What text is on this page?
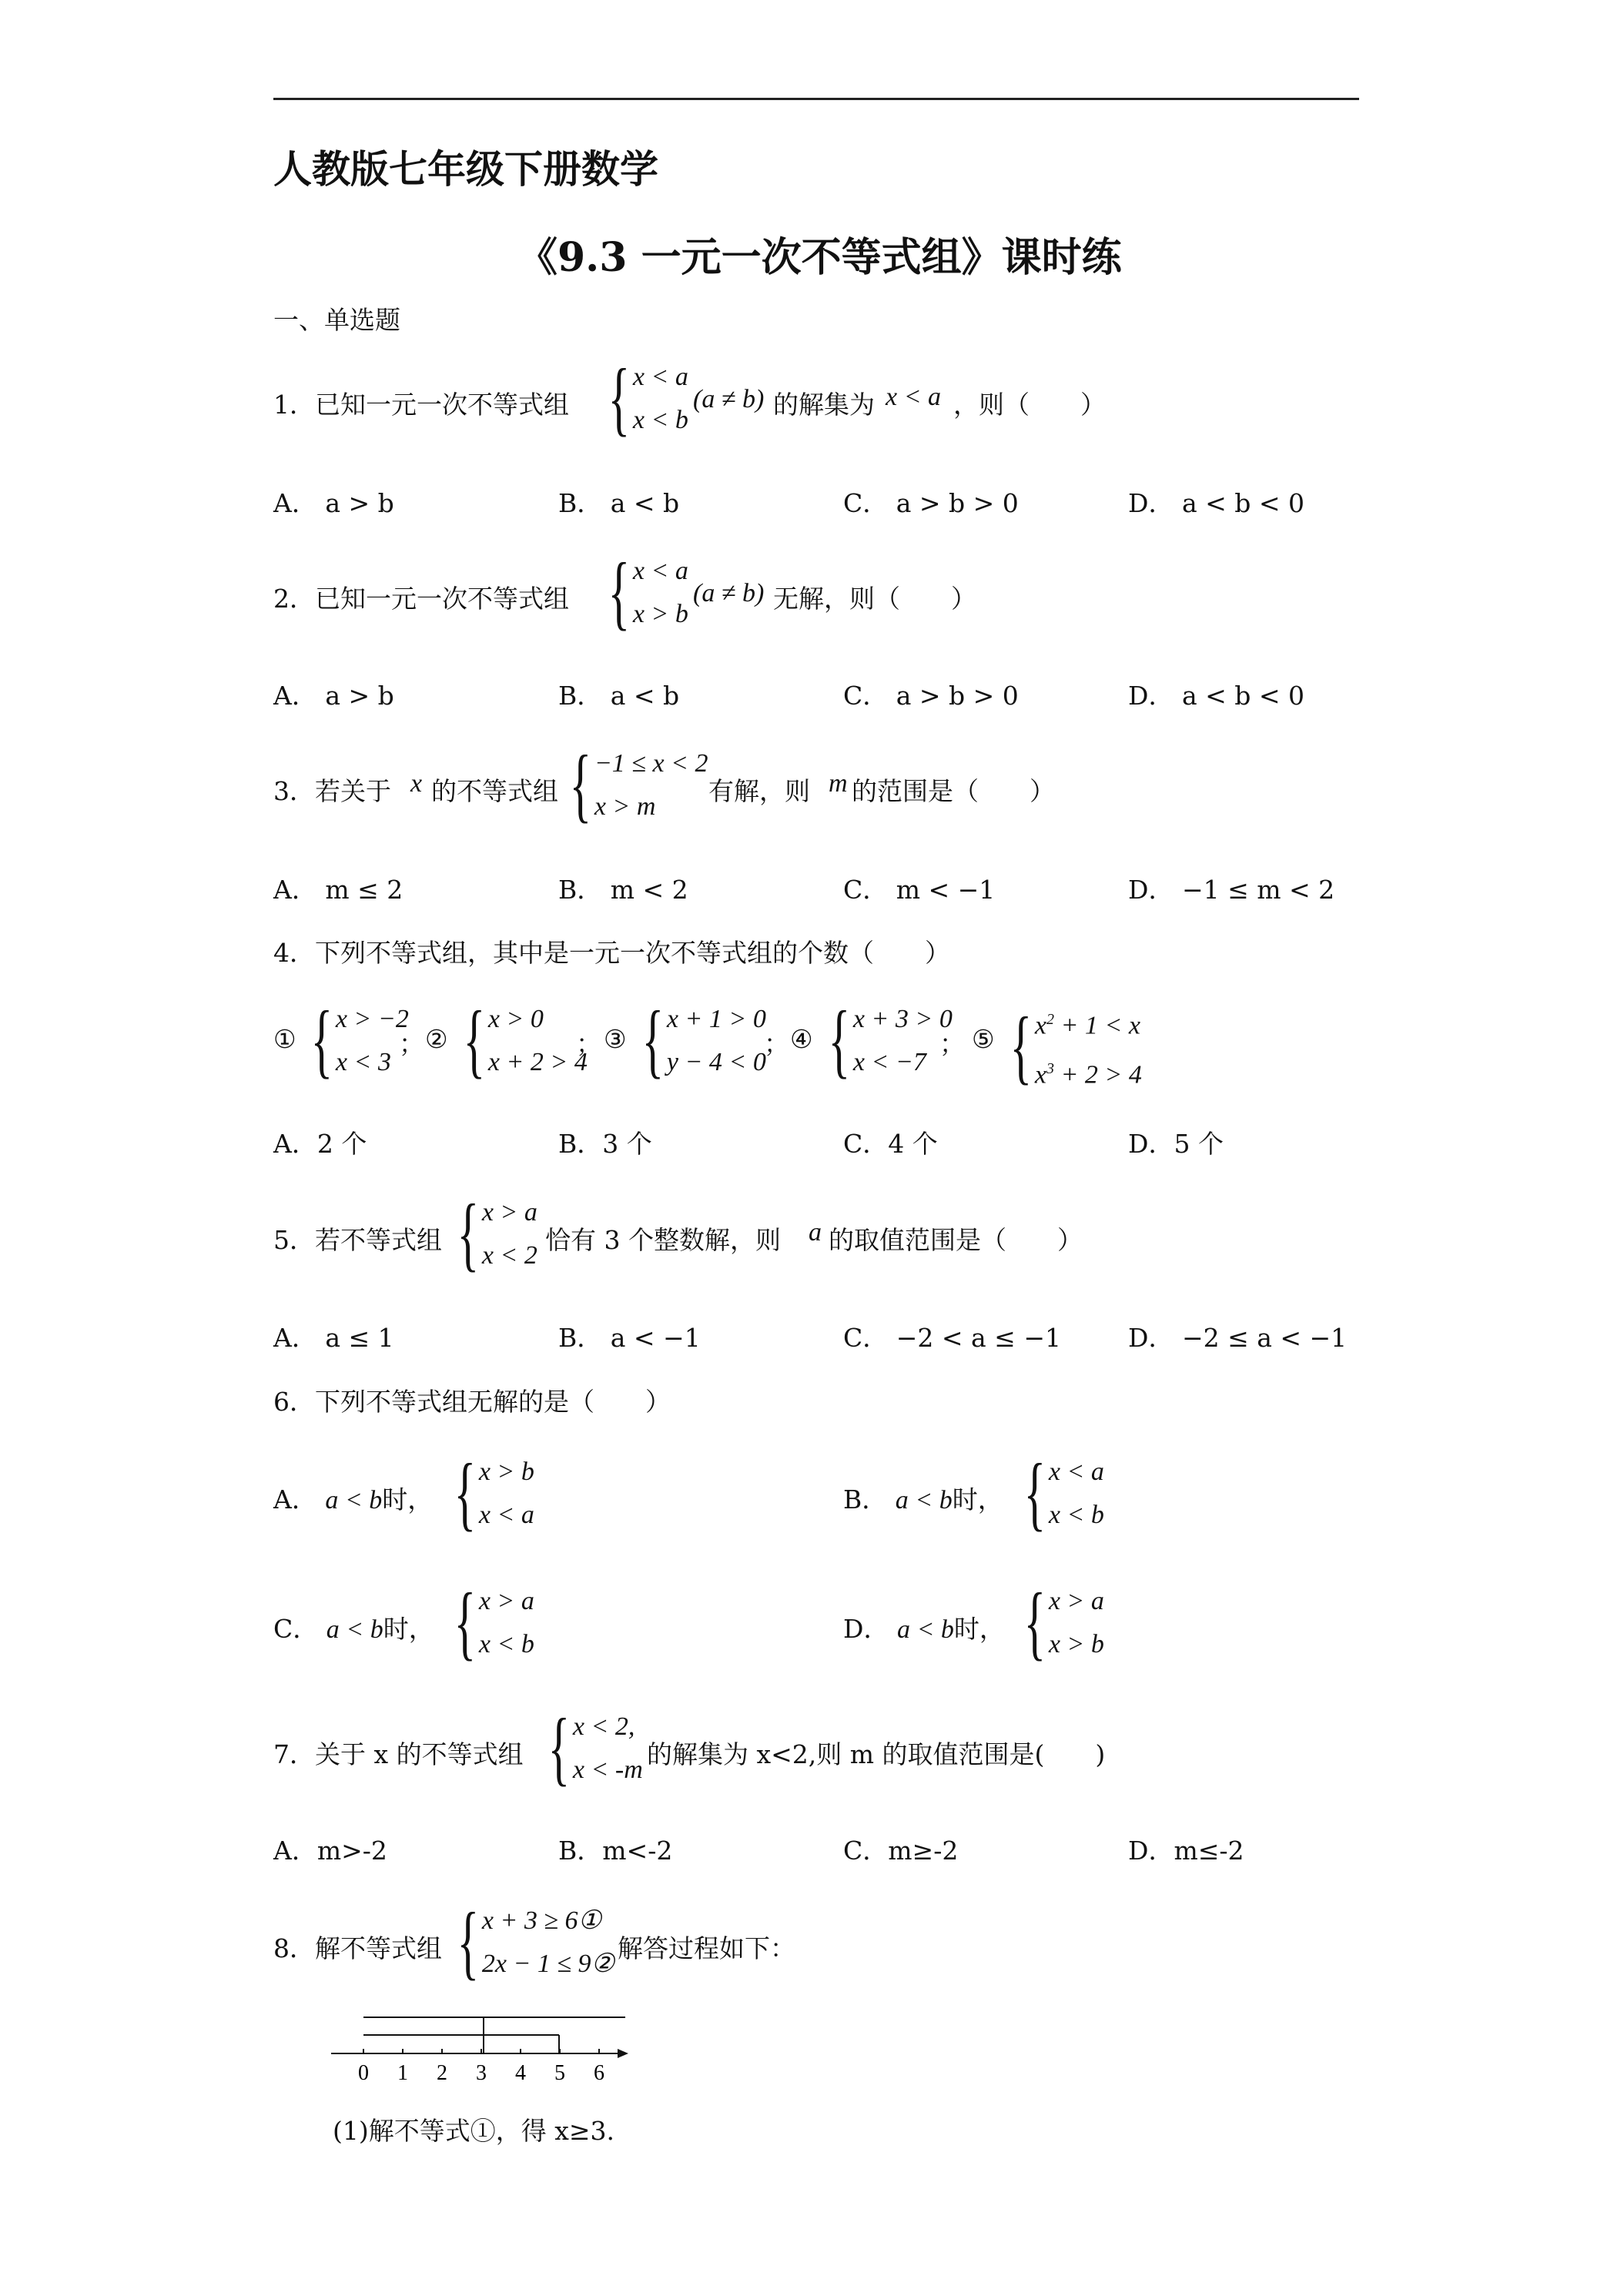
人教版七年级下册数学
《9.3 一元一次不等式组》课时练
一、单选题
1．已知一元一次不等式组 { x < a
x < b
(a ≠ b) 的解集为 x < a ，则（　　）
A． a > b	B． a < b	C． a > b > 0	D． a < b < 0
2．已知一元一次不等式组 { x < a
x > b
(a ≠ b) 无解，则（　　）
A． a > b	B． a < b	C． a > b > 0	D． a < b < 0
3．若关于 x 的不等式组 { −1 ≤ x < 2
x > m
有解，则 m 的范围是（　　）
A． m ≤ 2	B． m < 2	C． m < −1	D． −1 ≤ m < 2
4．下列不等式组，其中是一元一次不等式组的个数（　　）
① { x > −2
x < 3
； ② { x > 0
x + 2 > 4
； ③ { x + 1 > 0
y − 4 < 0
； ④ { x + 3 > 0
x < −7
； ⑤ { $x^2 + 1 < x$
$x^3 + 2 > 4$
A．2 个	B．3 个	C．4 个	D．5 个
5．若不等式组 { x > a
x < 2
恰有 3 个整数解，则 a 的取值范围是（　　）
A． a ≤ 1	B． a < −1	C． −2 < a ≤ −1	D． −2 ≤ a < −1
6．下列不等式组无解的是（　　）
A． a < b时， { x > b
x < a
B． a < b时， { x < a
x < b
C． a < b时， { x > a
x < b
D． a < b时， { x > a
x > b
7．关于 x 的不等式组 { x < 2,
x < -m
的解集为 x<2,则 m 的取值范围是(　　)
A．m>-2	B．m<-2	C．m≥-2	D．m≤-2
8．解不等式组 { x + 3 ≥ 6①
2x − 1 ≤ 9②
解答过程如下：
0 1 2 3 4 5 6
(1)解不等式①，得 x≥3.
